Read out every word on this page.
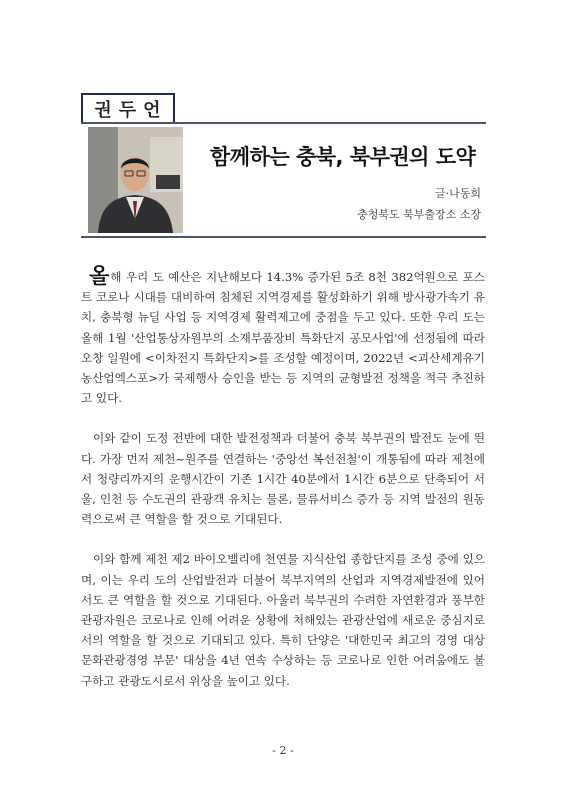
권두언
함께하는 충북, 북부권의 도약
글·나동희
충청북도 북부출장소 소장

올해 우리 도 예산은 지난해보다 14.3% 증가된 5조 8천 382억원으로 포스트 코로나 시대를 대비하여 침체된 지역경제를 활성화하기 위해 방사광가속기 유치, 충북형 뉴딜 사업 등 지역경제 활력제고에 중점을 두고 있다. 또한 우리 도는 올해 1월 '산업통상자원부의 소재부품장비 특화단지 공모사업'에 선정됨에 따라 오창 일원에 <이차전지 특화단지>를 조성할 예정이며, 2022년 <괴산세계유기농산업엑스포>가 국제행사 승인을 받는 등 지역의 균형발전 정책을 적극 추진하고 있다.

이와 같이 도정 전반에 대한 발전정책과 더불어 충북 북부권의 발전도 눈에 띈다. 가장 먼저 제천~원주를 연결하는 '중앙선 복선전철'이 개통됨에 따라 제천에서 청량리까지의 운행시간이 기존 1시간 40분에서 1시간 6분으로 단축되어 서울, 인천 등 수도권의 관광객 유치는 물론, 물류서비스 증가 등 지역 발전의 원동력으로써 큰 역할을 할 것으로 기대된다.

이와 함께 제천 제2 바이오밸리에 천연물 지식산업 종합단지를 조성 중에 있으며, 이는 우리 도의 산업발전과 더불어 북부지역의 산업과 지역경제발전에 있어서도 큰 역할을 할 것으로 기대된다. 아울러 북부권의 수려한 자연환경과 풍부한 관광자원은 코로나로 인해 어려운 상황에 처해있는 관광산업에 새로운 중심지로서의 역할을 할 것으로 기대되고 있다. 특히 단양은 '대한민국 최고의 경영 대상 문화관광경영 부문' 대상을 4년 연속 수상하는 등 코로나로 인한 어려움에도 불구하고 관광도시로서 위상을 높이고 있다.

- 2 -
